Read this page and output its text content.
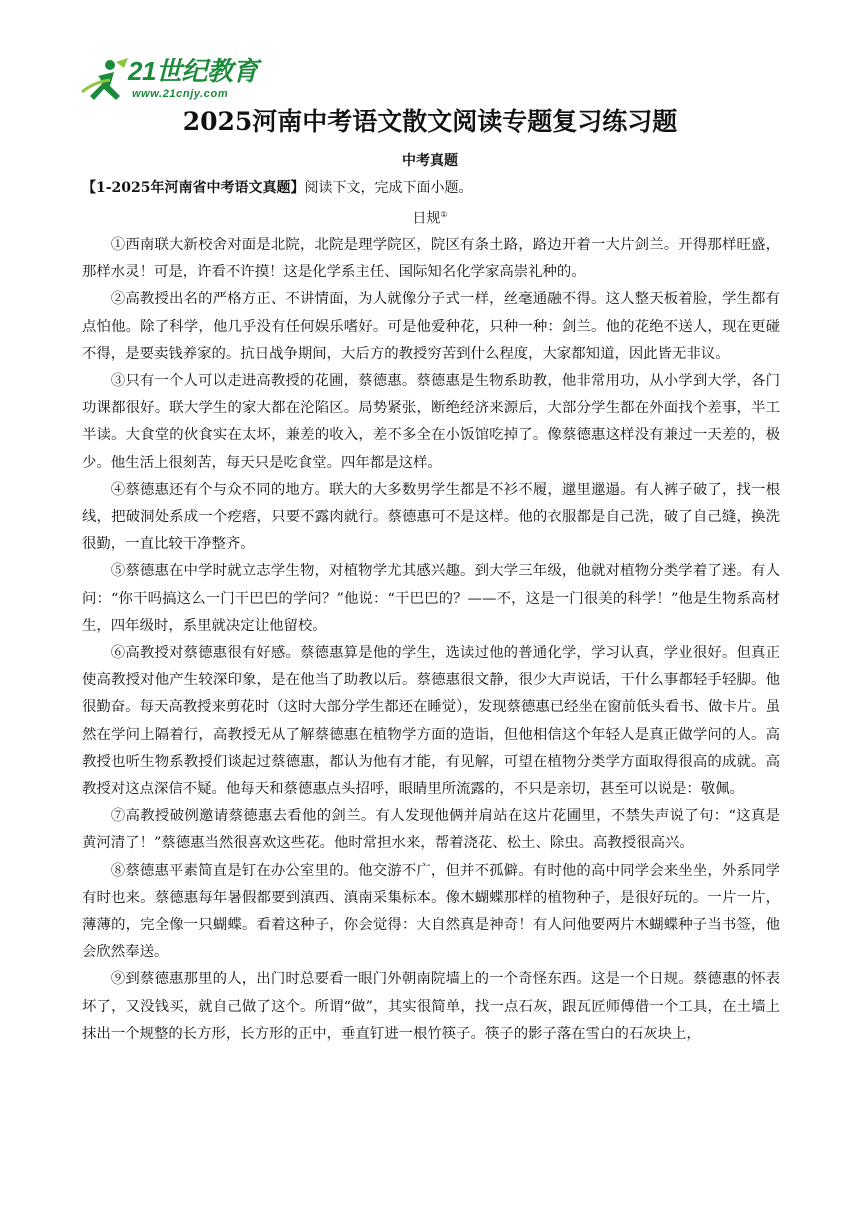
21世纪教育
www.21cnjy.com
2025河南中考语文散文阅读专题复习练习题
中考真题
【1-2025年河南省中考语文真题】阅读下文，完成下面小题。
日规①

①西南联大新校舍对面是北院，北院是理学院区，院区有条土路，路边开着一大片剑兰。开得那样旺盛，那样水灵！可是，许看不许摸！这是化学系主任、国际知名化学家高崇礼种的。

②高教授出名的严格方正、不讲情面，为人就像分子式一样，丝毫通融不得。这人整天板着脸，学生都有点怕他。除了科学，他几乎没有任何娱乐嗜好。可是他爱种花，只种一种：剑兰。他的花绝不送人，现在更碰不得，是要卖钱养家的。抗日战争期间，大后方的教授穷苦到什么程度，大家都知道，因此皆无非议。

③只有一个人可以走进高教授的花圃，蔡德惠。蔡德惠是生物系助教，他非常用功，从小学到大学，各门功课都很好。联大学生的家大都在沦陷区。局势紧张，断绝经济来源后，大部分学生都在外面找个差事，半工半读。大食堂的伙食实在太坏，兼差的收入，差不多全在小饭馆吃掉了。像蔡德惠这样没有兼过一天差的，极少。他生活上很刻苦，每天只是吃食堂。四年都是这样。

④蔡德惠还有个与众不同的地方。联大的大多数男学生都是不衫不履，邋里邋遢。有人裤子破了，找一根线，把破洞处系成一个疙瘩，只要不露肉就行。蔡德惠可不是这样。他的衣服都是自己洗，破了自己缝，换洗很勤，一直比较干净整齐。

⑤蔡德惠在中学时就立志学生物，对植物学尤其感兴趣。到大学三年级，他就对植物分类学着了迷。有人问：“你干吗搞这么一门干巴巴的学问？”他说：“干巴巴的？——不，这是一门很美的科学！”他是生物系高材生，四年级时，系里就决定让他留校。

⑥高教授对蔡德惠很有好感。蔡德惠算是他的学生，选读过他的普通化学，学习认真，学业很好。但真正使高教授对他产生较深印象，是在他当了助教以后。蔡德惠很文静，很少大声说话，干什么事都轻手轻脚。他很勤奋。每天高教授来剪花时（这时大部分学生都还在睡觉），发现蔡德惠已经坐在窗前低头看书、做卡片。虽然在学问上隔着行，高教授无从了解蔡德惠在植物学方面的造诣，但他相信这个年轻人是真正做学问的人。高教授也听生物系教授们谈起过蔡德惠，都认为他有才能，有见解，可望在植物分类学方面取得很高的成就。高教授对这点深信不疑。他每天和蔡德惠点头招呼，眼睛里所流露的，不只是亲切，甚至可以说是：敬佩。

⑦高教授破例邀请蔡德惠去看他的剑兰。有人发现他俩并肩站在这片花圃里，不禁失声说了句：“这真是黄河清了！”蔡德惠当然很喜欢这些花。他时常担水来，帮着浇花、松土、除虫。高教授很高兴。

⑧蔡德惠平素简直是钉在办公室里的。他交游不广，但并不孤僻。有时他的高中同学会来坐坐，外系同学有时也来。蔡德惠每年暑假都要到滇西、滇南采集标本。像木蝴蝶那样的植物种子，是很好玩的。一片一片，薄薄的，完全像一只蝴蝶。看着这种子，你会觉得：大自然真是神奇！有人问他要两片木蝴蝶种子当书签，他会欣然奉送。

⑨到蔡德惠那里的人，出门时总要看一眼门外朝南院墙上的一个奇怪东西。这是一个日规。蔡德惠的怀表坏了，又没钱买，就自己做了这个。所谓“做”，其实很简单，找一点石灰，跟瓦匠师傅借一个工具，在土墙上抹出一个规整的长方形，长方形的正中，垂直钉进一根竹筷子。筷子的影子落在雪白的石灰块上，
